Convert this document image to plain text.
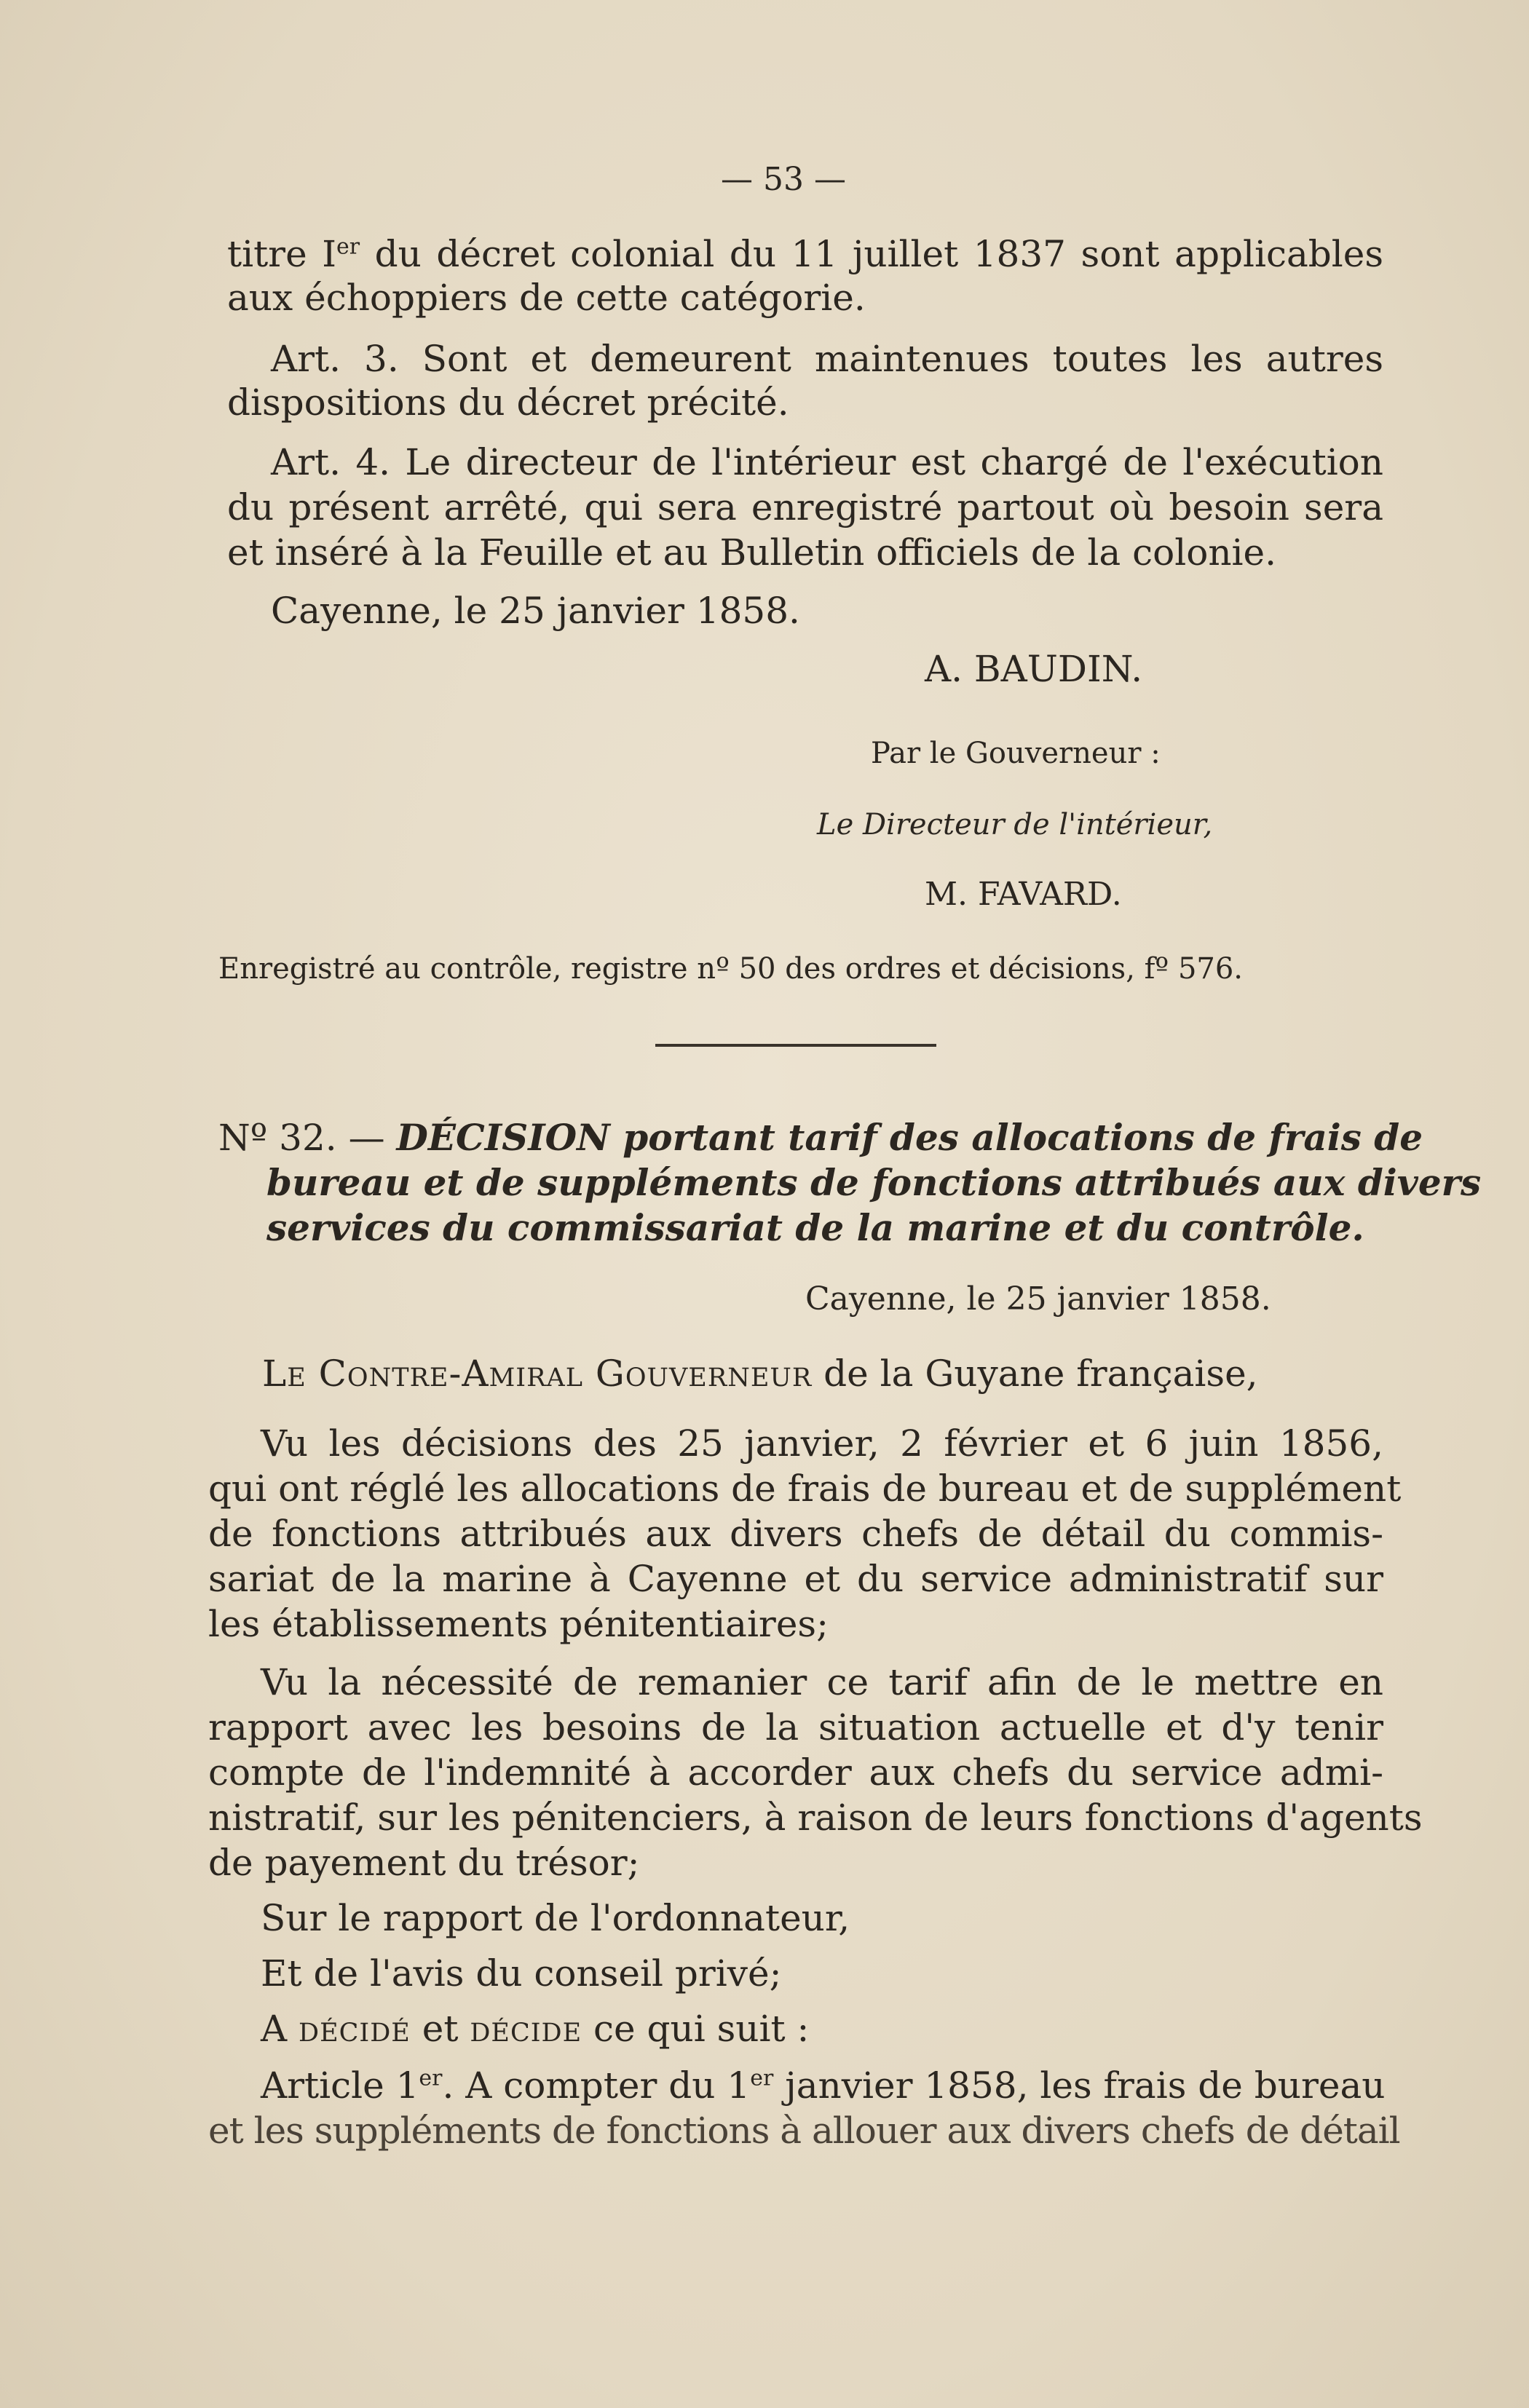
— 53 —
titre Ier du décret colonial du 11 juillet 1837 sont applicables
aux échoppiers de cette catégorie.
Art. 3. Sont et demeurent maintenues toutes les autres
dispositions du décret précité.
Art. 4. Le directeur de l'intérieur est chargé de l'exécution
du présent arrêté, qui sera enregistré partout où besoin sera
et inséré à la Feuille et au Bulletin officiels de la colonie.
Cayenne, le 25 janvier 1858.
A. BAUDIN.
Par le Gouverneur :
Le Directeur de l'intérieur,
M. FAVARD.
Enregistré au contrôle, registre nº 50 des ordres et décisions, fº 576.
Nº 32. — DÉCISION portant tarif des allocations de frais de
bureau et de suppléments de fonctions attribués aux divers
services du commissariat de la marine et du contrôle.
Cayenne, le 25 janvier 1858.
Le Contre-Amiral Gouverneur de la Guyane française,
Vu les décisions des 25 janvier, 2 février et 6 juin 1856,
qui ont réglé les allocations de frais de bureau et de supplément
de fonctions attribués aux divers chefs de détail du commis-
sariat de la marine à Cayenne et du service administratif sur
les établissements pénitentiaires;
Vu la nécessité de remanier ce tarif afin de le mettre en
rapport avec les besoins de la situation actuelle et d'y tenir
compte de l'indemnité à accorder aux chefs du service admi-
nistratif, sur les pénitenciers, à raison de leurs fonctions d'agents
de payement du trésor;
Sur le rapport de l'ordonnateur,
Et de l'avis du conseil privé;
A décidé et décide ce qui suit :
Article 1er. A compter du 1er janvier 1858, les frais de bureau
et les suppléments de fonctions à allouer aux divers chefs de détail
